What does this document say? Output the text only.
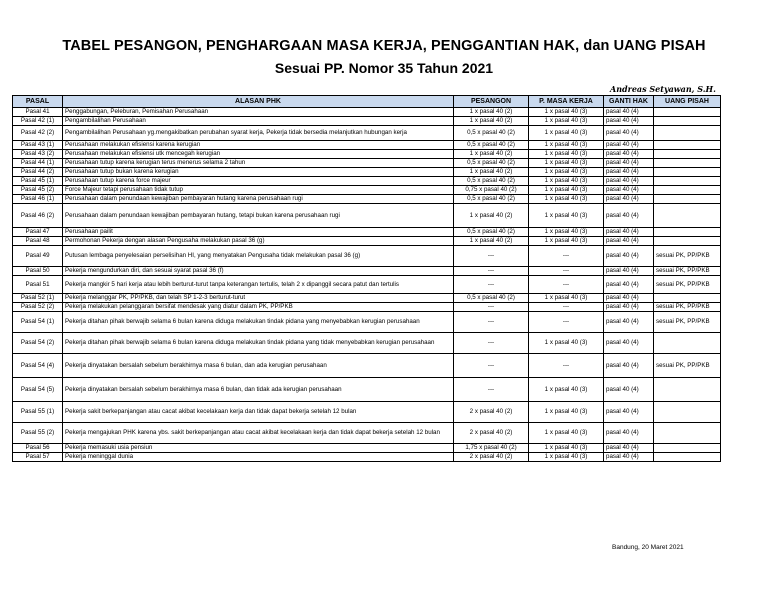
TABEL PESANGON, PENGHARGAAN MASA KERJA, PENGGANTIAN HAK, dan UANG PISAH
Sesuai PP. Nomor 35 Tahun 2021
Andreas Setyawan, S.H.
PASAL	ALASAN PHK	PESANGON	P. MASA KERJA	GANTI HAK	UANG PISAH
Pasal 41	Penggabungan, Peleburan, Pemisahan Perusahaan	1 x pasal 40 (2)	1 x pasal 40 (3)	pasal 40 (4)	
Pasal 42 (1)	Pengambilalihan Perusahaan	1 x pasal 40 (2)	1 x pasal 40 (3)	pasal 40 (4)	
Pasal 42 (2)	Pengambilalihan Perusahaan yg.mengakibatkan perubahan syarat kerja, Pekerja tidak bersedia melanjutkan hubungan kerja	0,5 x pasal 40 (2)	1 x pasal 40 (3)	pasal 40 (4)	
Pasal 43 (1)	Perusahaan melakukan efisiensi karena kerugian	0,5 x pasal 40 (2)	1 x pasal 40 (3)	pasal 40 (4)	
Pasal 43 (2)	Perusahaan melakukan efisiensi utk mencegah kerugian	1 x pasal 40 (2)	1 x pasal 40 (3)	pasal 40 (4)	
Pasal 44 (1)	Perusahaan tutup karena kerugian terus menerus selama 2 tahun	0,5 x pasal 40 (2)	1 x pasal 40 (3)	pasal 40 (4)	
Pasal 44 (2)	Perusahaan tutup bukan karena kerugian	1 x pasal 40 (2)	1 x pasal 40 (3)	pasal 40 (4)	
Pasal 45 (1)	Perusahaan tutup karena force majeur	0,5 x pasal 40 (2)	1 x pasal 40 (3)	pasal 40 (4)	
Pasal 45 (2)	Force Majeur tetapi perusahaan tidak tutup	0,75 x pasal 40 (2)	1 x pasal 40 (3)	pasal 40 (4)	
Pasal 46 (1)	Perusahaan dalam penundaan kewajiban pembayaran hutang karena perusahaan rugi	0,5 x pasal 40 (2)	1 x pasal 40 (3)	pasal 40 (4)	
Pasal 46 (2)	Perusahaan dalam penundaan kewajiban pembayaran hutang, tetapi bukan karena perusahaan rugi	1 x pasal 40 (2)	1 x pasal 40 (3)	pasal 40 (4)	
Pasal 47	Perusahaan pailit	0,5 x pasal 40 (2)	1 x pasal 40 (3)	pasal 40 (4)	
Pasal 48	Permohonan Pekerja dengan alasan Pengusaha melakukan pasal 36 (g)	1 x pasal 40 (2)	1 x pasal 40 (3)	pasal 40 (4)	
Pasal 49	Putusan lembaga penyelesaian perselisihan HI, yang menyatakan Pengusaha tidak melakukan pasal 36 (g)	---	---	pasal 40 (4)	sesuai PK, PP/PKB
Pasal 50	Pekerja mengundurkan diri, dan sesuai syarat pasal 36 (f)	---	---	pasal 40 (4)	sesuai PK, PP/PKB
Pasal 51	Pekerja mangkir 5 hari kerja atau lebih berturut-turut tanpa keterangan tertulis, telah 2 x dipanggil secara patut dan tertulis	---	---	pasal 40 (4)	sesuai PK, PP/PKB
Pasal 52 (1)	Pekerja melanggar PK, PP/PKB, dan telah SP 1-2-3 berturut-turut	0,5 x pasal 40 (2)	1 x pasal 40 (3)	pasal 40 (4)	
Pasal 52 (2)	Pekerja melakukan pelanggaran bersifat mendesak yang diatur dalam PK, PP/PKB	---	---	pasal 40 (4)	sesuai PK, PP/PKB
Pasal 54 (1)	Pekerja ditahan pihak berwajib selama 6 bulan karena diduga melakukan tindak pidana yang menyebabkan kerugian perusahaan	---	---	pasal 40 (4)	sesuai PK, PP/PKB
Pasal 54 (2)	Pekerja ditahan pihak berwajib selama 6 bulan karena diduga melakukan tindak pidana yang tidak menyebabkan kerugian perusahaan	---	1 x pasal 40 (3)	pasal 40 (4)	
Pasal 54 (4)	Pekerja dinyatakan bersalah sebelum berakhirnya masa 6 bulan, dan ada kerugian perusahaan	---	---	pasal 40 (4)	sesuai PK, PP/PKB
Pasal 54 (5)	Pekerja dinyatakan bersalah sebelum berakhirnya masa 6 bulan, dan tidak ada kerugian perusahaan	---	1 x pasal 40 (3)	pasal 40 (4)	
Pasal 55 (1)	Pekerja sakit berkepanjangan atau cacat akibat kecelakaan kerja dan tidak dapat bekerja setelah 12 bulan	2 x pasal 40 (2)	1 x pasal 40 (3)	pasal 40 (4)	
Pasal 55 (2)	Pekerja mengajukan PHK karena ybs. sakit berkepanjangan atau cacat akibat kecelakaan kerja dan tidak dapat bekerja setelah 12 bulan	2 x pasal 40 (2)	1 x pasal 40 (3)	pasal 40 (4)	
Pasal 56	Pekerja memasuki usia pensiun	1,75 x pasal 40 (2)	1 x pasal 40 (3)	pasal 40 (4)	
Pasal 57	Pekerja meninggal dunia	2 x pasal 40 (2)	1 x pasal 40 (3)	pasal 40 (4)	
Bandung, 20 Maret 2021
